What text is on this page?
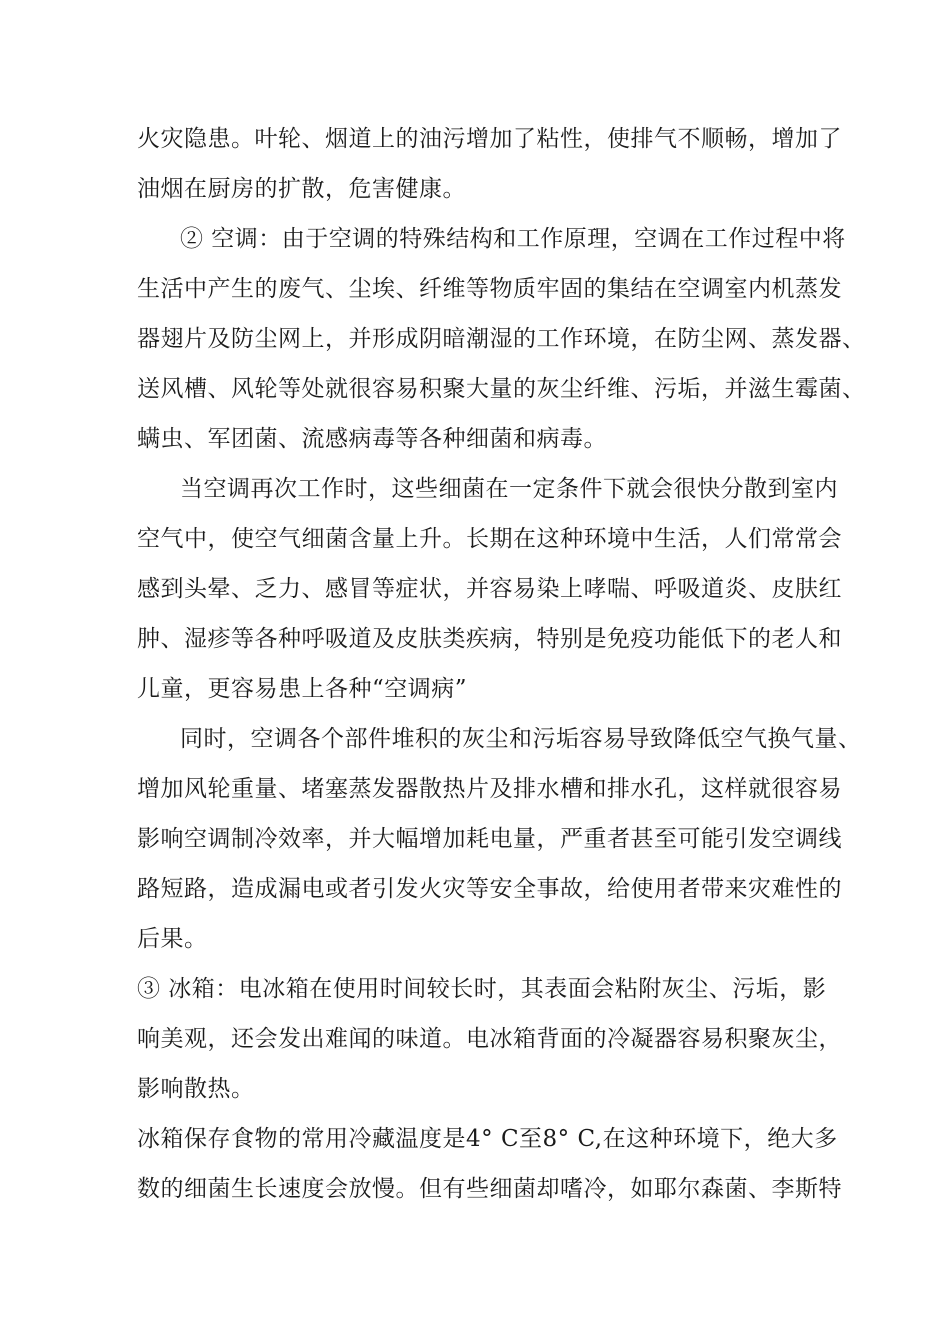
火灾隐患。叶轮、烟道上的油污增加了粘性，使排气不顺畅，增加了
油烟在厨房的扩散，危害健康。
② 空调：由于空调的特殊结构和工作原理，空调在工作过程中将
生活中产生的废气、尘埃、纤维等物质牢固的集结在空调室内机蒸发
器翅片及防尘网上，并形成阴暗潮湿的工作环境，在防尘网、蒸发器、
送风槽、风轮等处就很容易积聚大量的灰尘纤维、污垢，并滋生霉菌、
螨虫、军团菌、流感病毒等各种细菌和病毒。
当空调再次工作时，这些细菌在一定条件下就会很快分散到室内
空气中，使空气细菌含量上升。长期在这种环境中生活，人们常常会
感到头晕、乏力、感冒等症状，并容易染上哮喘、呼吸道炎、皮肤红
肿、湿疹等各种呼吸道及皮肤类疾病，特别是免疫功能低下的老人和
儿童，更容易患上各种“空调病”
同时，空调各个部件堆积的灰尘和污垢容易导致降低空气换气量、
增加风轮重量、堵塞蒸发器散热片及排水槽和排水孔，这样就很容易
影响空调制冷效率，并大幅增加耗电量，严重者甚至可能引发空调线
路短路，造成漏电或者引发火灾等安全事故，给使用者带来灾难性的
后果。
③ 冰箱：电冰箱在使用时间较长时，其表面会粘附灰尘、污垢，影
响美观，还会发出难闻的味道。电冰箱背面的冷凝器容易积聚灰尘，
影响散热。
冰箱保存食物的常用冷藏温度是4° C至8° C,在这种环境下，绝大多
数的细菌生长速度会放慢。但有些细菌却嗜冷，如耶尔森菌、李斯特
